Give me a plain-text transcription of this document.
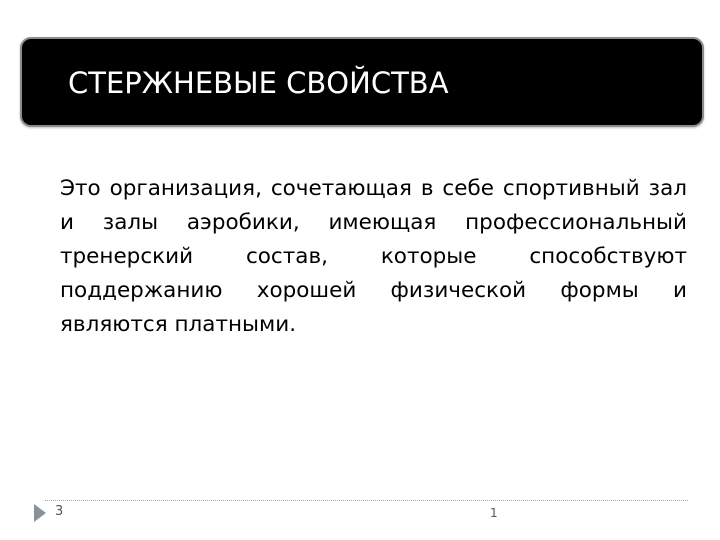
СТЕРЖНЕВЫЕ СВОЙСТВА

Это организация, сочетающая в себе спортивный зал и залы аэробики, имеющая профессиональный тренерский состав, которые способствуют поддержанию хорошей физической формы и являются платными.

3	1
